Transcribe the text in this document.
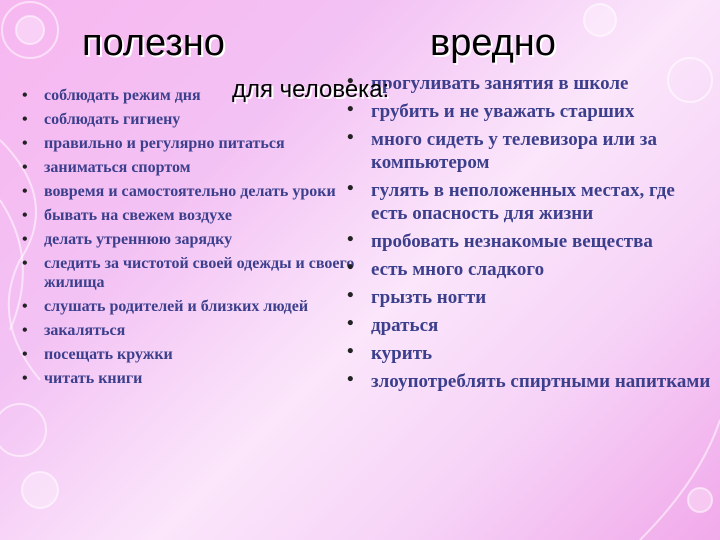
полезно	вредно
• соблюдать режим дня
• соблюдать гигиену
• правильно и регулярно питаться
• заниматься спортом
• вовремя и самостоятельно делать уроки
• бывать на свежем воздухе
• делать утреннюю зарядку
• следить за чистотой своей одежды и своего жилища
• слушать родителей и близких людей
• закаляться
• посещать кружки
• читать книги
• прогуливать занятия в школе
• грубить и не уважать старших
• много сидеть у телевизора или за компьютером
• гулять в неположенных местах, где есть опасность для жизни
• пробовать незнакомые вещества
• есть много сладкого
• грызть ногти
• драться
• курить
• злоупотреблять спиртными напитками
для человека:
